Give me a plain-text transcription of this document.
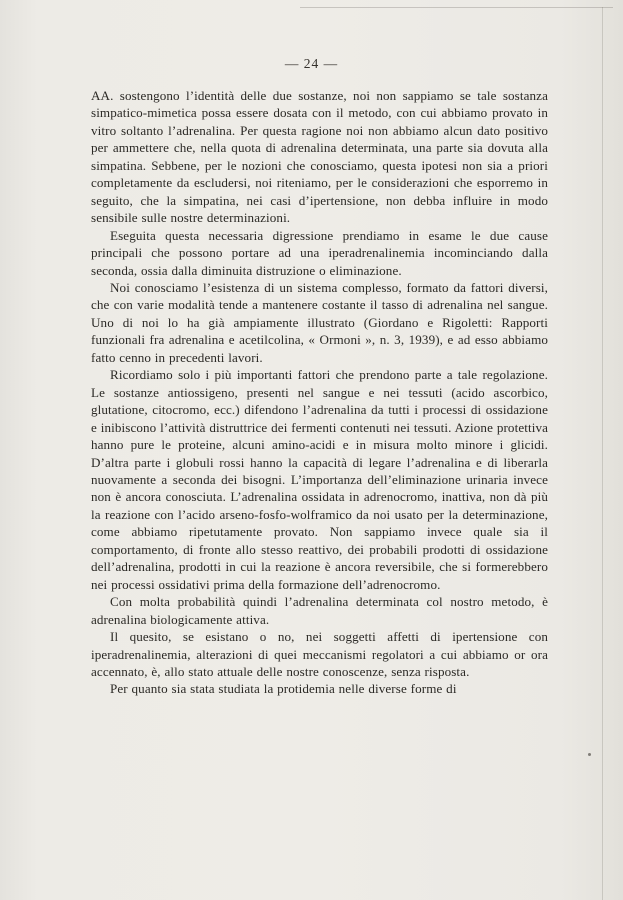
— 24 —

AA. sostengono l’identità delle due sostanze, noi non sappiamo se tale sostanza simpatico-mimetica possa essere dosata con il metodo, con cui abbiamo provato in vitro soltanto l’adrenalina. Per questa ragione noi non abbiamo alcun dato positivo per ammettere che, nella quota di adrenalina determinata, una parte sia dovuta alla simpatina. Sebbene, per le nozioni che conosciamo, questa ipotesi non sia a priori completamente da escludersi, noi riteniamo, per le considerazioni che esporremo in seguito, che la simpatina, nei casi d’ipertensione, non debba influire in modo sensibile sulle nostre determinazioni.

Eseguita questa necessaria digressione prendiamo in esame le due cause principali che possono portare ad una iperadrenalinemia incominciando dalla seconda, ossia dalla diminuita distruzione o eliminazione.

Noi conosciamo l’esistenza di un sistema complesso, formato da fattori diversi, che con varie modalità tende a mantenere costante il tasso di adrenalina nel sangue. Uno di noi lo ha già ampiamente illustrato (Giordano e Rigoletti: Rapporti funzionali fra adrenalina e acetilcolina, « Ormoni », n. 3, 1939), e ad esso abbiamo fatto cenno in precedenti lavori.

Ricordiamo solo i più importanti fattori che prendono parte a tale regolazione. Le sostanze antiossigeno, presenti nel sangue e nei tessuti (acido ascorbico, glutatione, citocromo, ecc.) difendono l’adrenalina da tutti i processi di ossidazione e inibiscono l’attività distruttrice dei fermenti contenuti nei tessuti. Azione protettiva hanno pure le proteine, alcuni amino-acidi e in misura molto minore i glicidi. D’altra parte i globuli rossi hanno la capacità di legare l’adrenalina e di liberarla nuovamente a seconda dei bisogni. L’importanza dell’eliminazione urinaria invece non è ancora conosciuta. L’adrenalina ossidata in adrenocromo, inattiva, non dà più la reazione con l’acido arseno-fosfo-wolframico da noi usato per la determinazione, come abbiamo ripetutamente provato. Non sappiamo invece quale sia il comportamento, di fronte allo stesso reattivo, dei probabili prodotti di ossidazione dell’adrenalina, prodotti in cui la reazione è ancora reversibile, che si formerebbero nei processi ossidativi prima della formazione dell’adrenocromo.

Con molta probabilità quindi l’adrenalina determinata col nostro metodo, è adrenalina biologicamente attiva.

Il quesito, se esistano o no, nei soggetti affetti di ipertensione con iperadrenalinemia, alterazioni di quei meccanismi regolatori a cui abbiamo or ora accennato, è, allo stato attuale delle nostre conoscenze, senza risposta.

Per quanto sia stata studiata la protidemia nelle diverse forme di
